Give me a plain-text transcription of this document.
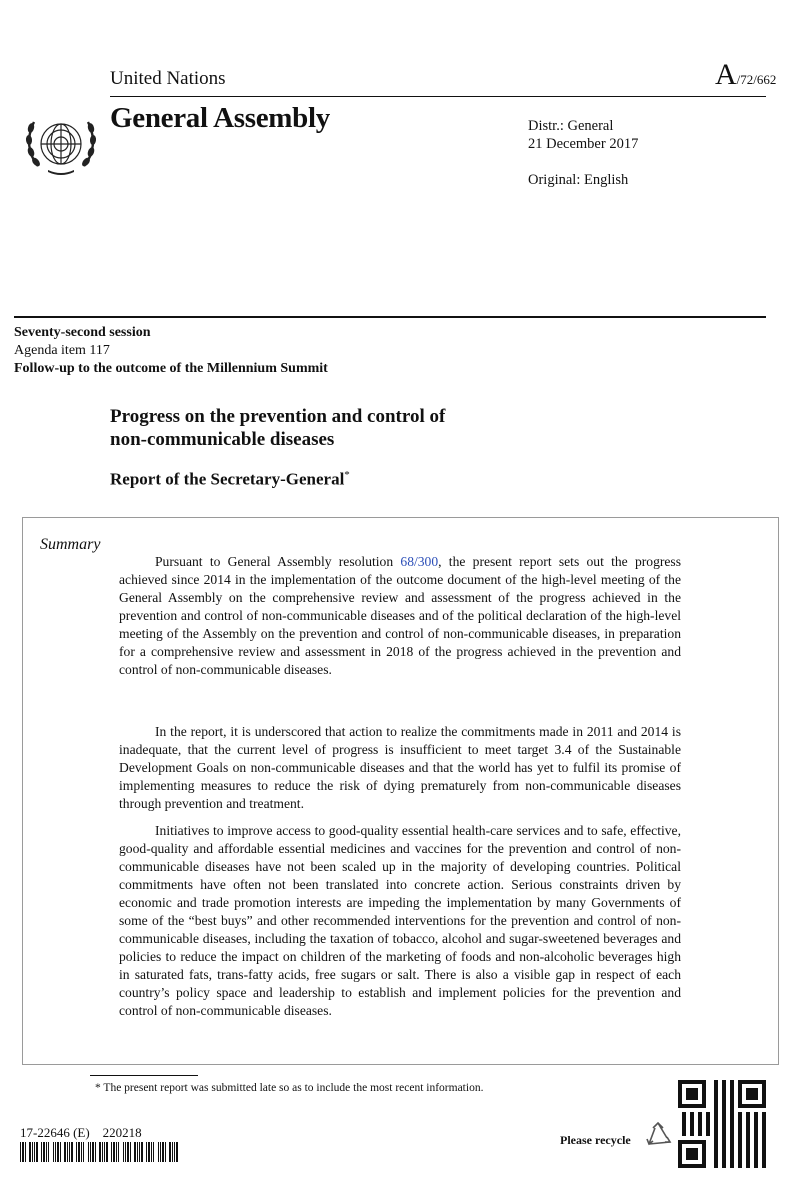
United Nations	A/72/662
General Assembly	Distr.: General
21 December 2017
Original: English
Seventy-second session
Agenda item 117
Follow-up to the outcome of the Millennium Summit
Progress on the prevention and control of
non-communicable diseases
Report of the Secretary-General*
Summary

Pursuant to General Assembly resolution 68/300, the present report sets out the progress achieved since 2014 in the implementation of the outcome document of the high-level meeting of the General Assembly on the comprehensive review and assessment of the progress achieved in the prevention and control of non-communicable diseases and of the political declaration of the high-level meeting of the Assembly on the prevention and control of non-communicable diseases, in preparation for a comprehensive review and assessment in 2018 of the progress achieved in the prevention and control of non-communicable diseases.

In the report, it is underscored that action to realize the commitments made in 2011 and 2014 is inadequate, that the current level of progress is insufficient to meet target 3.4 of the Sustainable Development Goals on non-communicable diseases and that the world has yet to fulfil its promise of implementing measures to reduce the risk of dying prematurely from non-communicable diseases through prevention and treatment.

Initiatives to improve access to good-quality essential health-care services and to safe, effective, good-quality and affordable essential medicines and vaccines for the prevention and control of non-communicable diseases have not been scaled up in the majority of developing countries. Political commitments have often not been translated into concrete action. Serious constraints driven by economic and trade promotion interests are impeding the implementation by many Governments of some of the “best buys” and other recommended interventions for the prevention and control of non-communicable diseases, including the taxation of tobacco, alcohol and sugar-sweetened beverages and policies to reduce the impact on children of the marketing of foods and non-alcoholic beverages high in saturated fats, trans-fatty acids, free sugars or salt. There is also a visible gap in respect of each country’s policy space and leadership to establish and implement policies for the prevention and control of non-communicable diseases.

* The present report was submitted late so as to include the most recent information.
17-22646 (E)    220218	Please recycle
